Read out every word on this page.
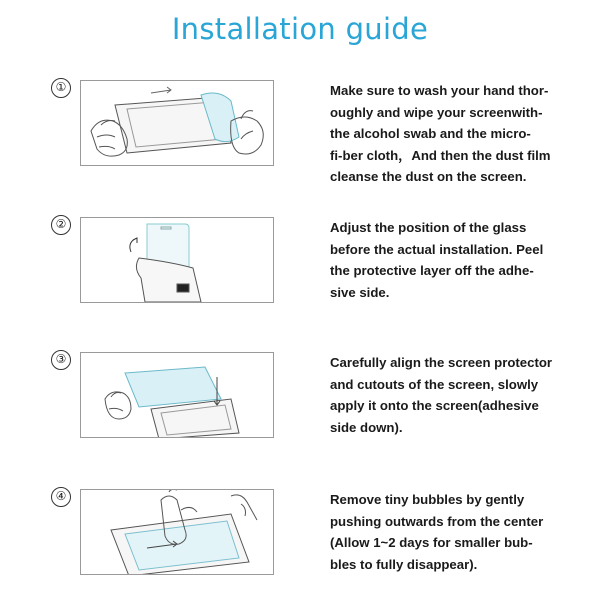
Installation guide
①	Make sure to wash your hand thor-
oughly and wipe your screenwith-
the alcohol swab and the micro-
fi-ber cloth，And then the dust film
cleanse the dust on the screen.
②	Adjust the position of the glass
before the actual installation. Peel
the protective layer off the adhe-
sive side.
③	Carefully align the screen protector
and cutouts of the screen, slowly
apply it onto the screen(adhesive
side down).
④	Remove tiny bubbles by gently
pushing outwards from the center
(Allow 1~2 days for smaller bub-
bles to fully disappear).
